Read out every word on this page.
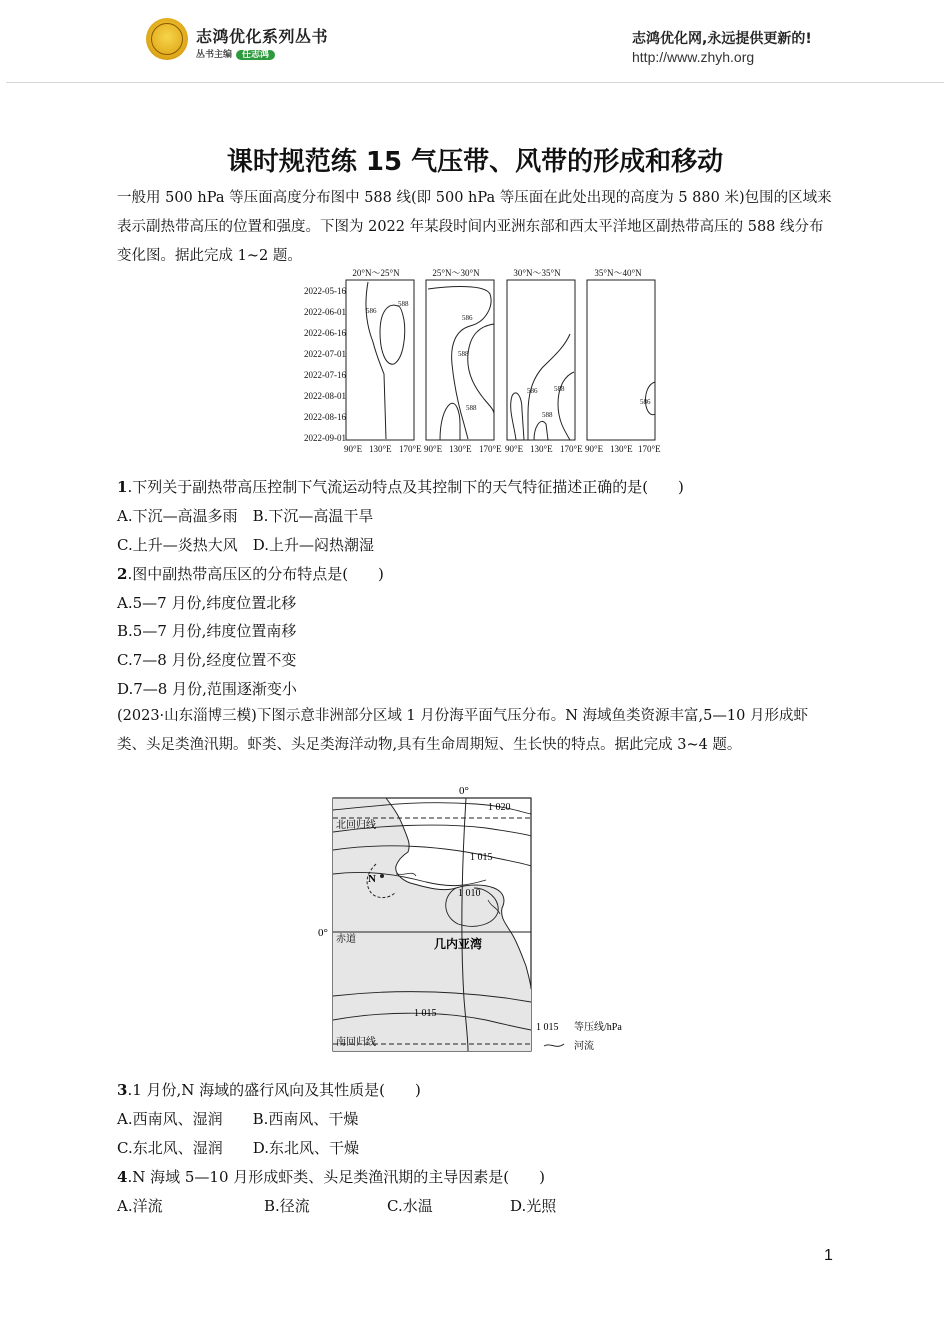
志鸿优化系列丛书
丛书主编 任志鸿
志鸿优化网,永远提供更新的!
http://www.zhyh.org
课时规范练 15 气压带、风带的形成和移动
一般用 500 hPa 等压面高度分布图中 588 线(即 500 hPa 等压面在此处出现的高度为 5 880 米)包围的区域来表示副热带高压的位置和强度。下图为 2022 年某段时间内亚洲东部和西太平洋地区副热带高压的 588 线分布变化图。据此完成 1~2 题。
20°N～25°N	25°N～30°N	30°N～35°N	35°N～40°N
2022-05-16
2022-06-01
2022-06-16
2022-07-01
2022-07-16
2022-08-01
2022-08-16
2022-09-01
586
588
586
588
588
586 588
588
586
90°E 130°E 170°E 90°E 130°E 170°E 90°E 130°E 170°E 90°E 130°E 170°E
1.下列关于副热带高压控制下气流运动特点及其控制下的天气特征描述正确的是(　　)
A.下沉—高温多雨　B.下沉—高温干旱
C.上升—炎热大风　D.上升—闷热潮湿
2.图中副热带高压区的分布特点是(　　)
A.5—7 月份,纬度位置北移
B.5—7 月份,纬度位置南移
C.7—8 月份,经度位置不变
D.7—8 月份,范围逐渐变小
(2023·山东淄博三模)下图示意非洲部分区域 1 月份海平面气压分布。N 海域鱼类资源丰富,5—10 月形成虾类、头足类渔汛期。虾类、头足类海洋动物,具有生命周期短、生长快的特点。据此完成 3~4 题。
0°
0°
北回归线
赤道
南回归线
几内亚湾
N
1 020
1 015
1 010
1 015
1 015 等压线/hPa
河流
3.1 月份,N 海域的盛行风向及其性质是(　　)
A.西南风、湿润　　B.西南风、干燥
C.东北风、湿润　　D.东北风、干燥
4.N 海域 5—10 月形成虾类、头足类渔汛期的主导因素是(　　)
A.洋流	B.径流	C.水温	D.光照
1
